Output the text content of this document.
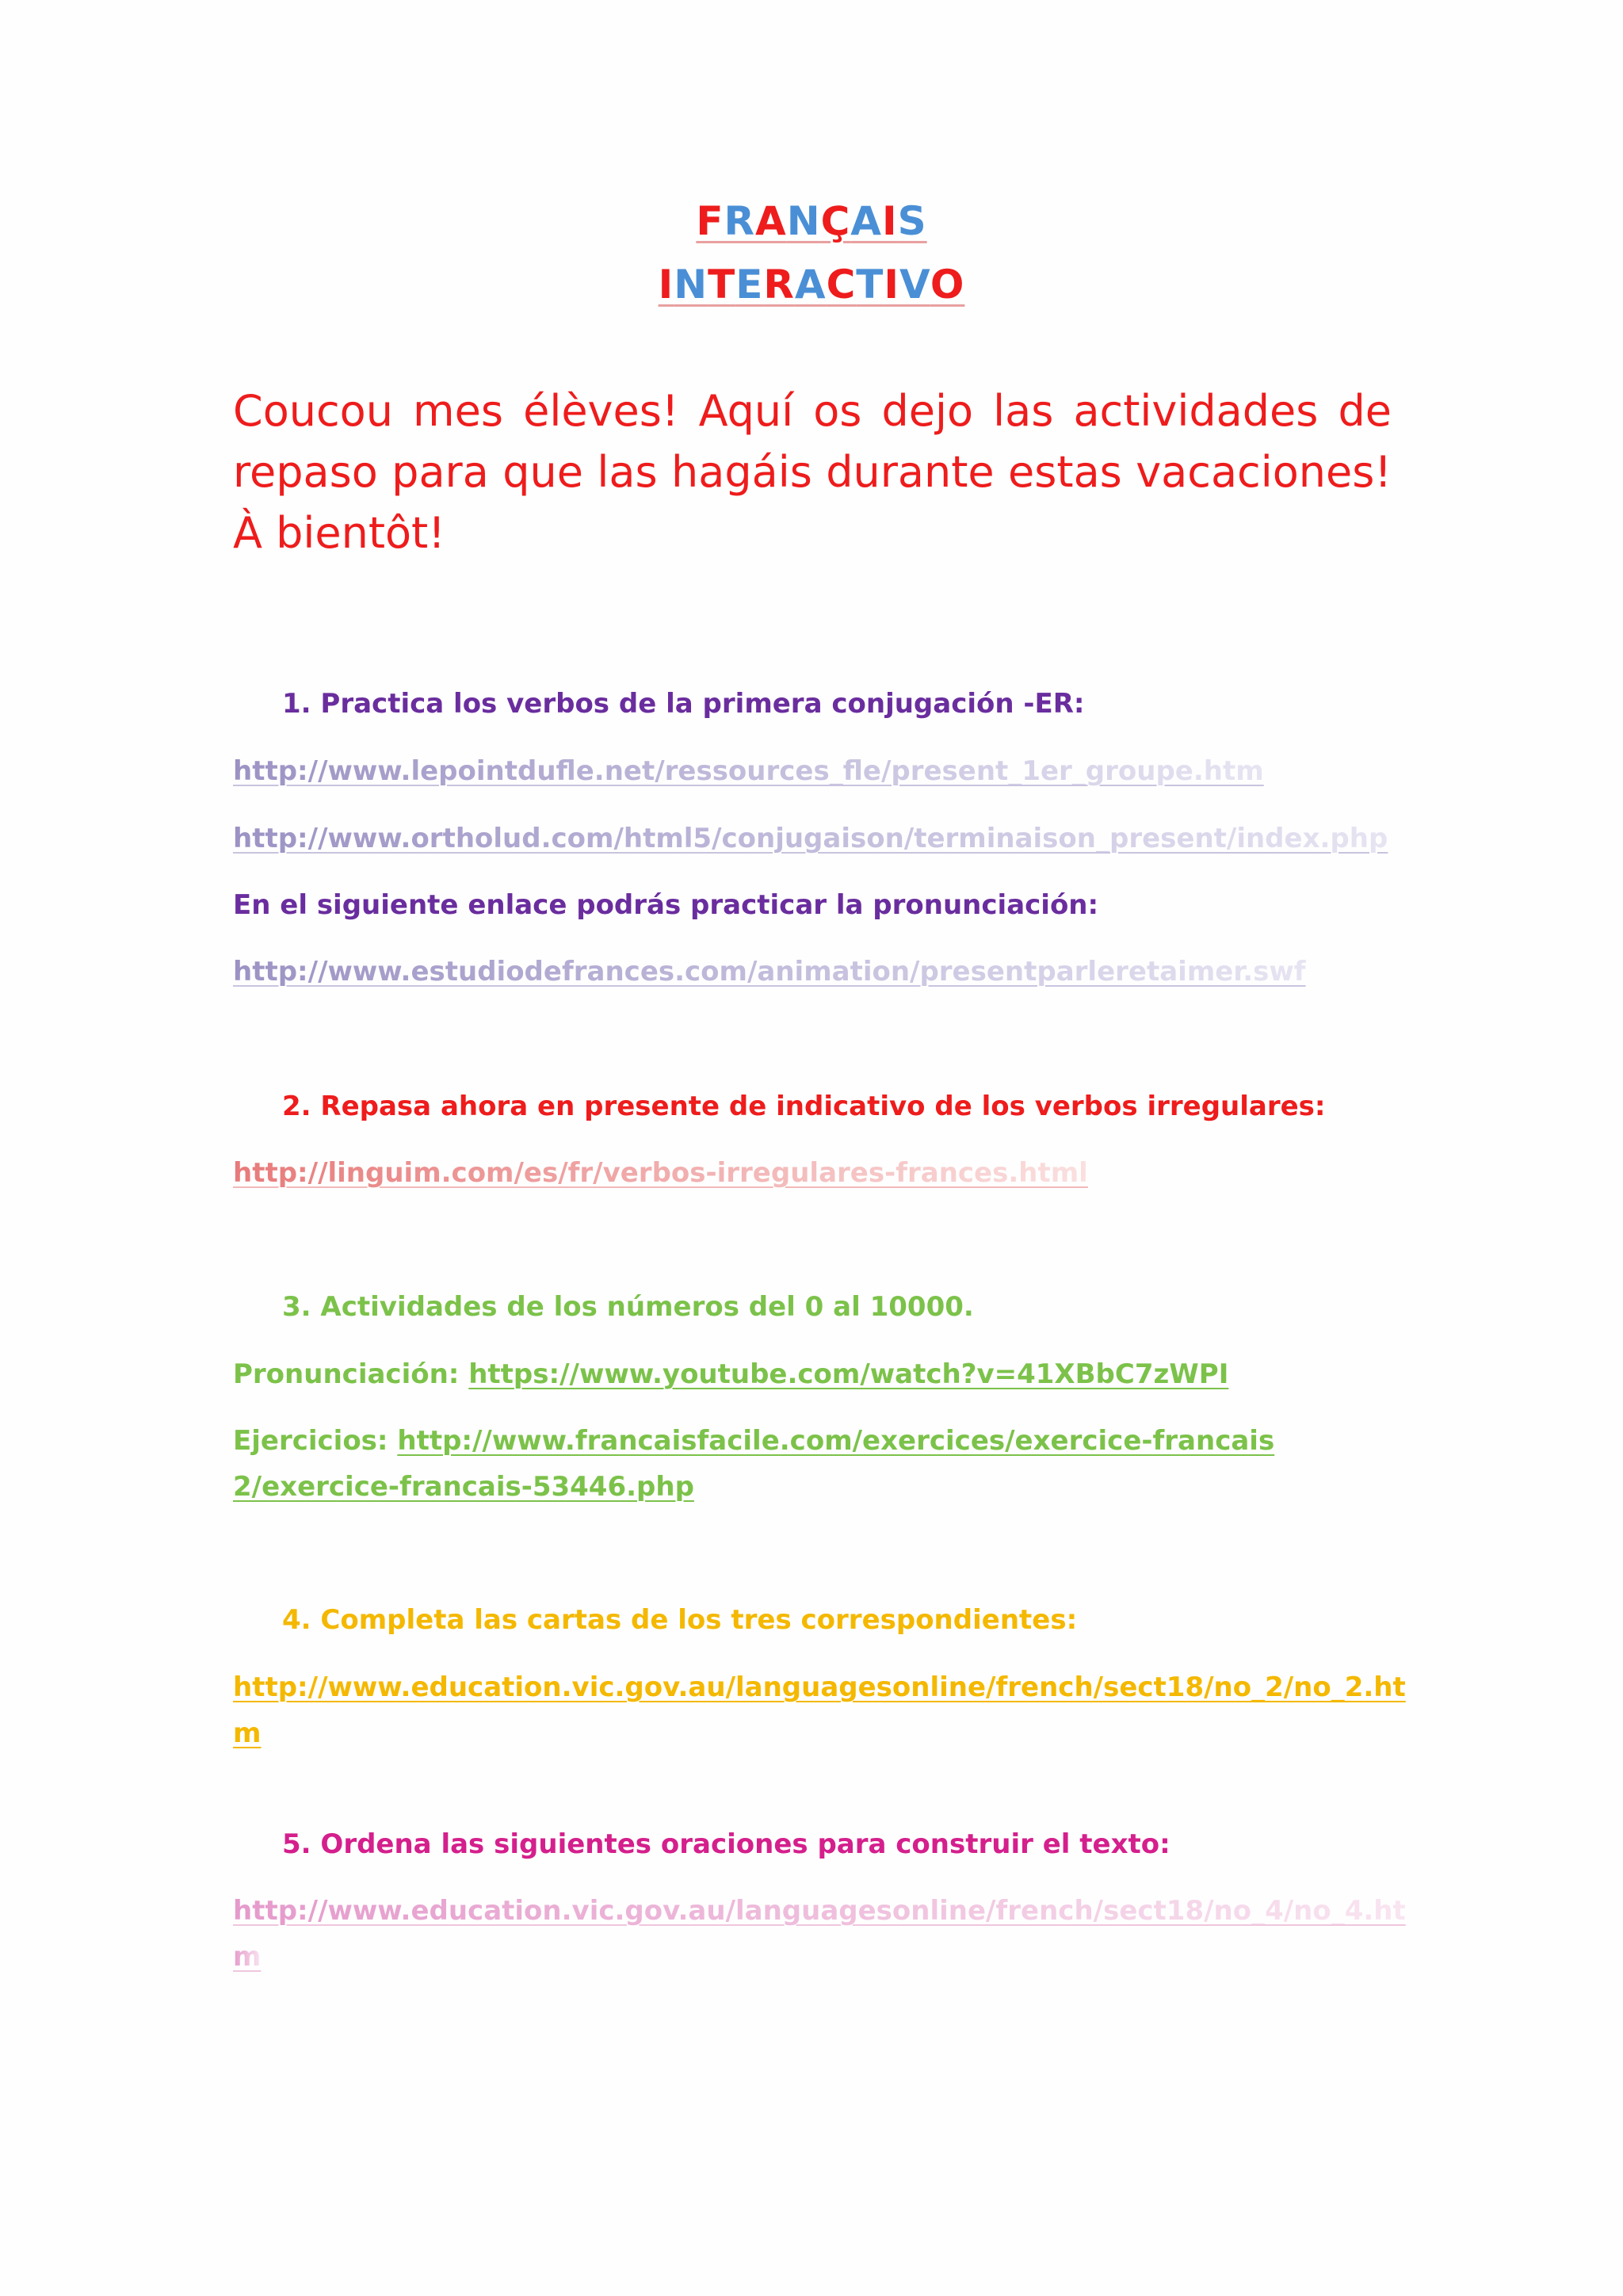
FRANÇAIS
INTERACTIVO
Coucou mes élèves! Aquí os dejo las actividades de repaso para que las hagáis durante estas vacaciones! À bientôt!
1. Practica los verbos de la primera conjugación -ER:
http://www.lepointdufle.net/ressources_fle/present_1er_groupe.htm
http://www.ortholud.com/html5/conjugaison/terminaison_present/index.php
En el siguiente enlace podrás practicar la pronunciación:
http://www.estudiodefrances.com/animation/presentparleretaimer.swf
2. Repasa ahora en presente de indicativo de los verbos irregulares:
http://linguim.com/es/fr/verbos-irregulares-frances.html
3. Actividades de los números del 0 al 10000.
Pronunciación: https://www.youtube.com/watch?v=41XBbC7zWPI
Ejercicios: http://www.francaisfacile.com/exercices/exercice-francais
2/exercice-francais-53446.php
4. Completa las cartas de los tres correspondientes:
http://www.education.vic.gov.au/languagesonline/french/sect18/no_2/no_2.ht
m
5. Ordena las siguientes oraciones para construir el texto:
http://www.education.vic.gov.au/languagesonline/french/sect18/no_4/no_4.ht
m
